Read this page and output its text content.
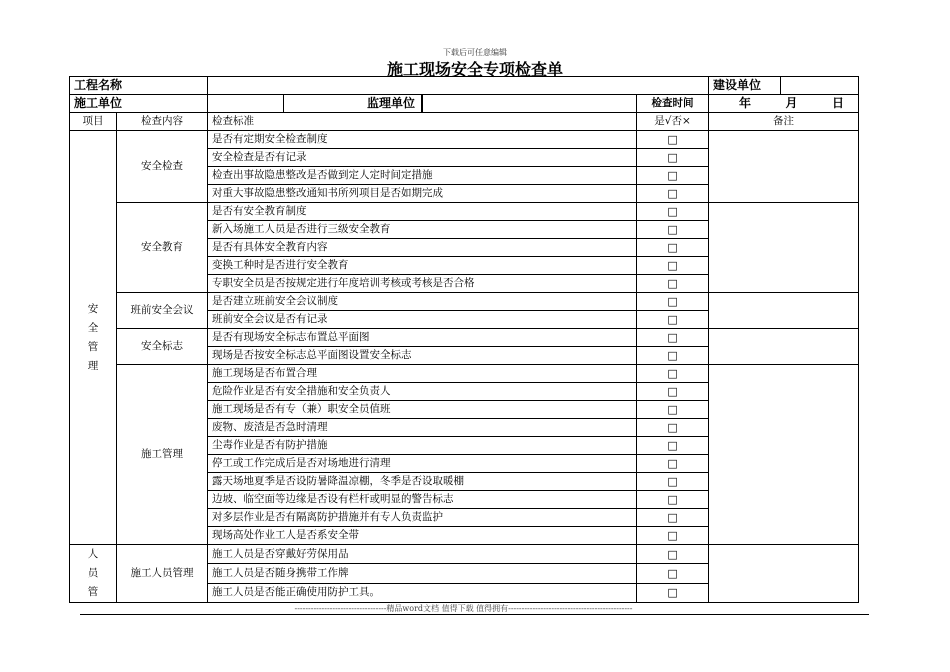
下载后可任意编辑
施工现场安全专项检查单
工程名称					建设单位

施工单位		监理单位		检查时间	年 月 日

项目	检查内容	检查标准		是√否×	备注
安全管理	安全检查	是否有定期安全检查制度		□	
		安全检查是否有记录		□	
		检查出事故隐患整改是否做到定人定时间定措施		□	
		对重大事故隐患整改通知书所列项目是否如期完成		□	
	安全教育	是否有安全教育制度		□	
		新入场施工人员是否进行三级安全教育		□	
		是否有具体安全教育内容		□	
		变换工种时是否进行安全教育		□	
		专职安全员是否按规定进行年度培训考核或考核是否合格		□	
	班前安全会议	是否建立班前安全会议制度		□	
		班前安全会议是否有记录		□	
	安全标志	是否有现场安全标志布置总平面图		□	
		现场是否按安全标志总平面图设置安全标志		□	
	施工管理	施工现场是否布置合理		□	
		危险作业是否有安全措施和安全负责人		□	
		施工现场是否有专（兼）职安全员值班		□	
		废物、废渣是否急时清理		□	
		尘毒作业是否有防护措施		□	
		停工或工作完成后是否对场地进行清理		□	
		露天场地夏季是否设防暑降温凉棚，冬季是否设取暖棚		□	
		边坡、临空面等边缘是否设有栏杆或明显的警告标志		□	
		对多层作业是否有隔离防护措施并有专人负责监护		□	
		现场高处作业工人是否系安全带		□	
人员管	施工人员管理	施工人员是否穿戴好劳保用品		□	
		施工人员是否随身携带工作牌		□	
		施工人员是否能正确使用防护工具。		□	
----------------------------------精品word文档 值得下载 值得拥有----------------------------------------------
